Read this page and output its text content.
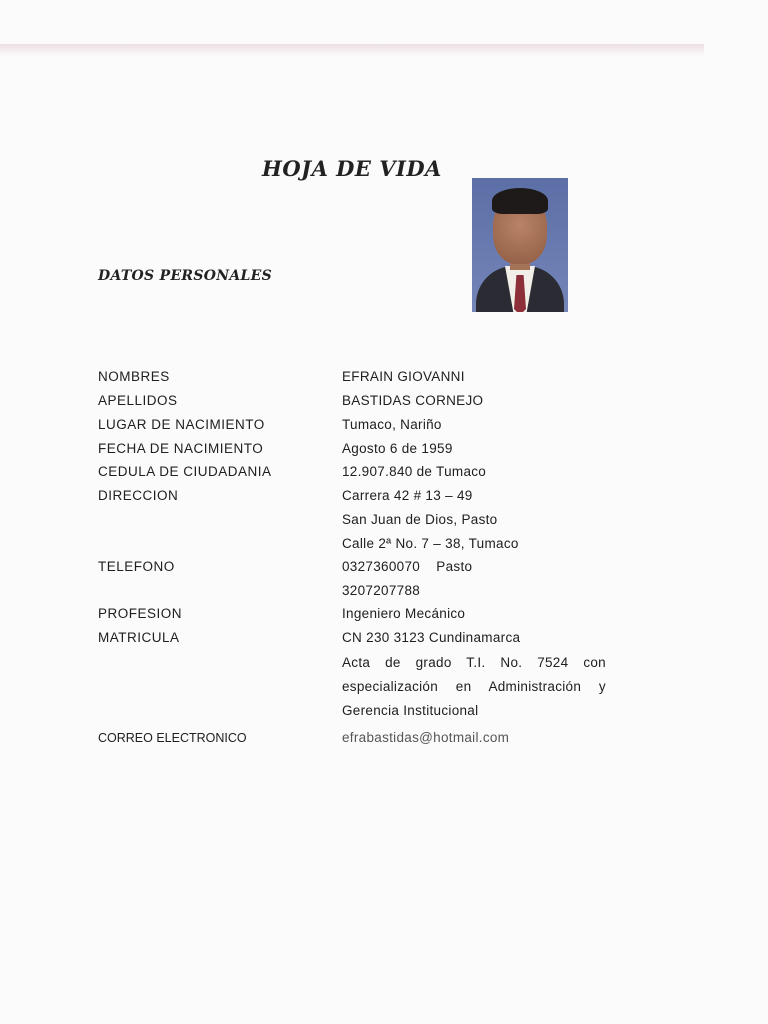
HOJA DE VIDA
DATOS PERSONALES
NOMBRES	EFRAIN GIOVANNI
APELLIDOS	BASTIDAS CORNEJO
LUGAR DE NACIMIENTO	Tumaco, Nariño
FECHA DE NACIMIENTO	Agosto 6 de 1959
CEDULA DE CIUDADANIA	12.907.840 de Tumaco
DIRECCION	Carrera 42 # 13 – 49
San Juan de Dios, Pasto
Calle 2ª No. 7 – 38, Tumaco
TELEFONO	0327360070    Pasto
3207207788
PROFESION	Ingeniero Mecánico
MATRICULA	CN 230 3123 Cundinamarca
Acta de grado T.I. No. 7524 con
especialización en Administración y
Gerencia Institucional
CORREO ELECTRONICO	efrabastidas@hotmail.com
